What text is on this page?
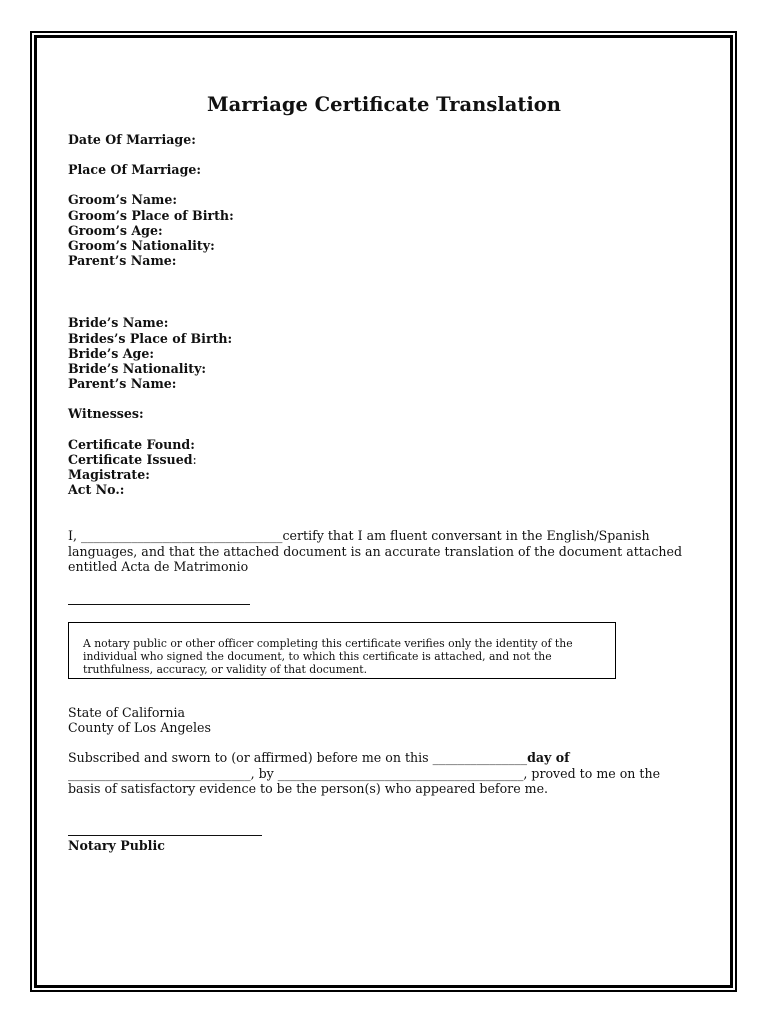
Marriage Certificate Translation
Date Of Marriage:
Place Of Marriage:
Groom’s Name:
Groom’s Place of Birth:
Groom’s Age:
Groom’s Nationality:
Parent’s Name:
Bride’s Name:
Brides’s Place of Birth:
Bride’s Age:
Bride’s Nationality:
Parent’s Name:
Witnesses:
Certificate Found:
Certificate Issued:
Magistrate:
Act No.:
I, ________________________________certify that I am fluent conversant in the English/Spanish
languages, and that the attached document is an accurate translation of the document attached
entitled Acta de Matrimonio
A notary public or other officer completing this certificate verifies only the identity of the
individual who signed the document, to which this certificate is attached, and not the
truthfulness, accuracy, or validity of that document.
State of California
County of Los Angeles
Subscribed and sworn to (or affirmed) before me on this _______________day of
_____________________________, by _______________________________________, proved to me on the
basis of satisfactory evidence to be the person(s) who appeared before me.
Notary Public
